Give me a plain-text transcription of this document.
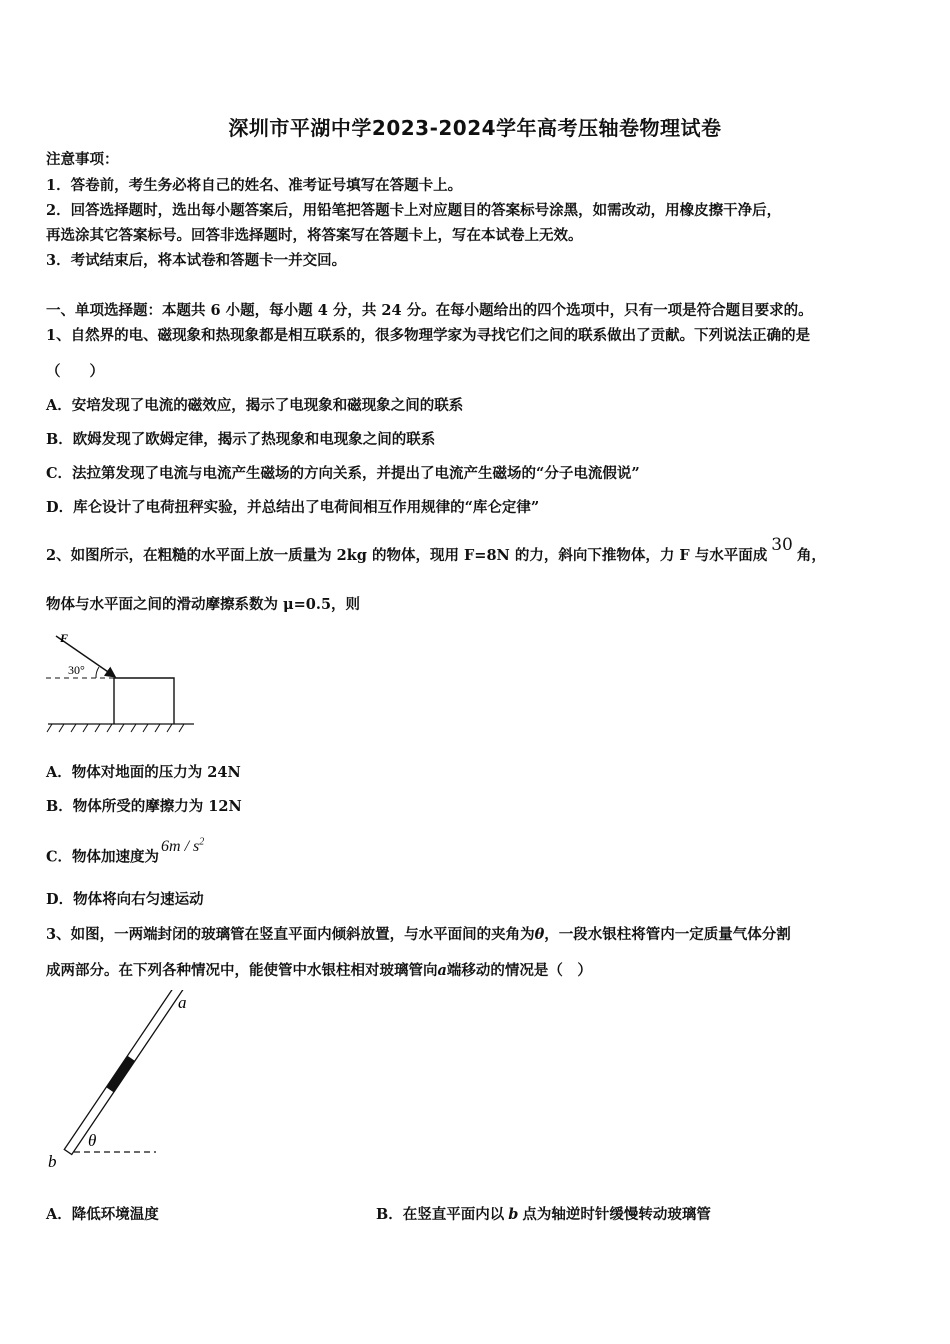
深圳市平湖中学2023-2024学年高考压轴卷物理试卷
注意事项：
1．答卷前，考生务必将自己的姓名、准考证号填写在答题卡上。
2．回答选择题时，选出每小题答案后，用铅笔把答题卡上对应题目的答案标号涂黑，如需改动，用橡皮擦干净后，
再选涂其它答案标号。回答非选择题时，将答案写在答题卡上，写在本试卷上无效。
3．考试结束后，将本试卷和答题卡一并交回。
一、单项选择题：本题共 6 小题，每小题 4 分，共 24 分。在每小题给出的四个选项中，只有一项是符合题目要求的。
1、自然界的电、磁现象和热现象都是相互联系的，很多物理学家为寻找它们之间的联系做出了贡献。下列说法正确的是
（　　）
A．安培发现了电流的磁效应，揭示了电现象和磁现象之间的联系
B．欧姆发现了欧姆定律，揭示了热现象和电现象之间的联系
C．法拉第发现了电流与电流产生磁场的方向关系，并提出了电流产生磁场的“分子电流假说”
D．库仑设计了电荷扭秤实验，并总结出了电荷间相互作用规律的“库仑定律”
2、如图所示，在粗糙的水平面上放一质量为 2kg 的物体，现用 F=8N 的力，斜向下推物体，力 F 与水平面成30角，
物体与水平面之间的滑动摩擦系数为 μ=0.5，则
F
30°
A．物体对地面的压力为 24N
B．物体所受的摩擦力为 12N
C．物体加速度为$6m / s^2$
D．物体将向右匀速运动
3、如图，一两端封闭的玻璃管在竖直平面内倾斜放置，与水平面间的夹角为θ，一段水银柱将管内一定质量气体分割
成两部分。在下列各种情况中，能使管中水银柱相对玻璃管向a端移动的情况是（　）
a
b
θ
A．降低环境温度	B．在竖直平面内以 b 点为轴逆时针缓慢转动玻璃管
